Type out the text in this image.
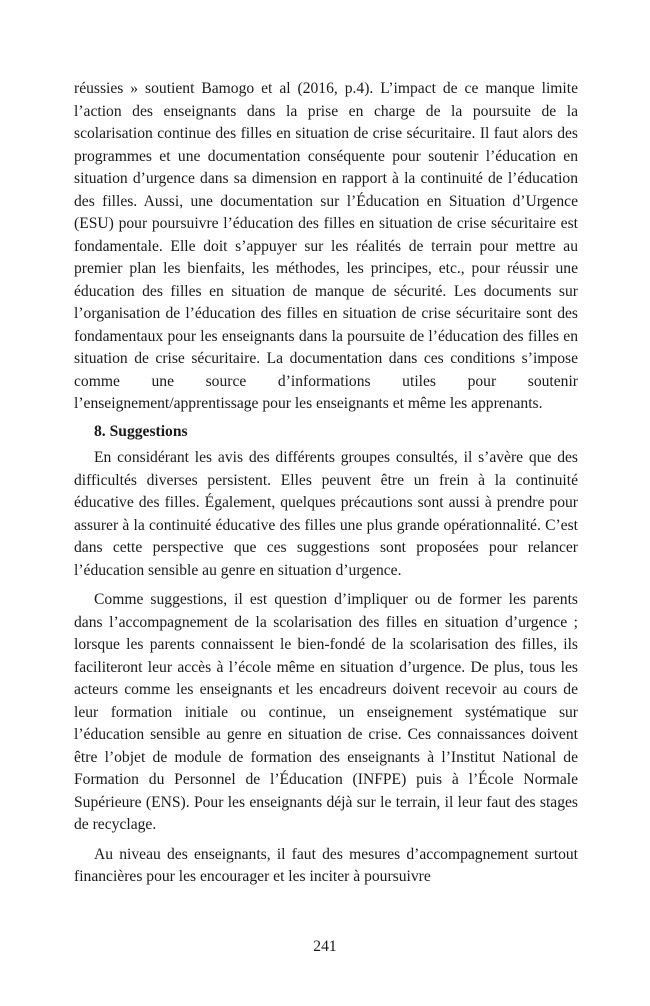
réussies » soutient Bamogo et al (2016, p.4). L’impact de ce manque limite l’action des enseignants dans la prise en charge de la poursuite de la scolarisation continue des filles en situation de crise sécuritaire. Il faut alors des programmes et une documentation conséquente pour soutenir l’éducation en situation d’urgence dans sa dimension en rapport à la continuité de l’éducation des filles. Aussi, une documentation sur l’Éducation en Situation d’Urgence (ESU) pour poursuivre l’éducation des filles en situation de crise sécuritaire est fondamentale. Elle doit s’appuyer sur les réalités de terrain pour mettre au premier plan les bienfaits, les méthodes, les principes, etc., pour réussir une éducation des filles en situation de manque de sécurité. Les documents sur l’organisation de l’éducation des filles en situation de crise sécuritaire sont des fondamentaux pour les enseignants dans la poursuite de l’éducation des filles en situation de crise sécuritaire. La documentation dans ces conditions s’impose comme une source d’informations utiles pour soutenir l’enseignement/apprentissage pour les enseignants et même les apprenants.

8. Suggestions

En considérant les avis des différents groupes consultés, il s’avère que des difficultés diverses persistent. Elles peuvent être un frein à la continuité éducative des filles. Également, quelques précautions sont aussi à prendre pour assurer à la continuité éducative des filles une plus grande opérationnalité. C’est dans cette perspective que ces suggestions sont proposées pour relancer l’éducation sensible au genre en situation d’urgence.

Comme suggestions, il est question d’impliquer ou de former les parents dans l’accompagnement de la scolarisation des filles en situation d’urgence ; lorsque les parents connaissent le bien-fondé de la scolarisation des filles, ils faciliteront leur accès à l’école même en situation d’urgence. De plus, tous les acteurs comme les enseignants et les encadreurs doivent recevoir au cours de leur formation initiale ou continue, un enseignement systématique sur l’éducation sensible au genre en situation de crise. Ces connaissances doivent être l’objet de module de formation des enseignants à l’Institut National de Formation du Personnel de l’Éducation (INFPE) puis à l’École Normale Supérieure (ENS). Pour les enseignants déjà sur le terrain, il leur faut des stages de recyclage.

Au niveau des enseignants, il faut des mesures d’accompagnement surtout financières pour les encourager et les inciter à poursuivre

241
